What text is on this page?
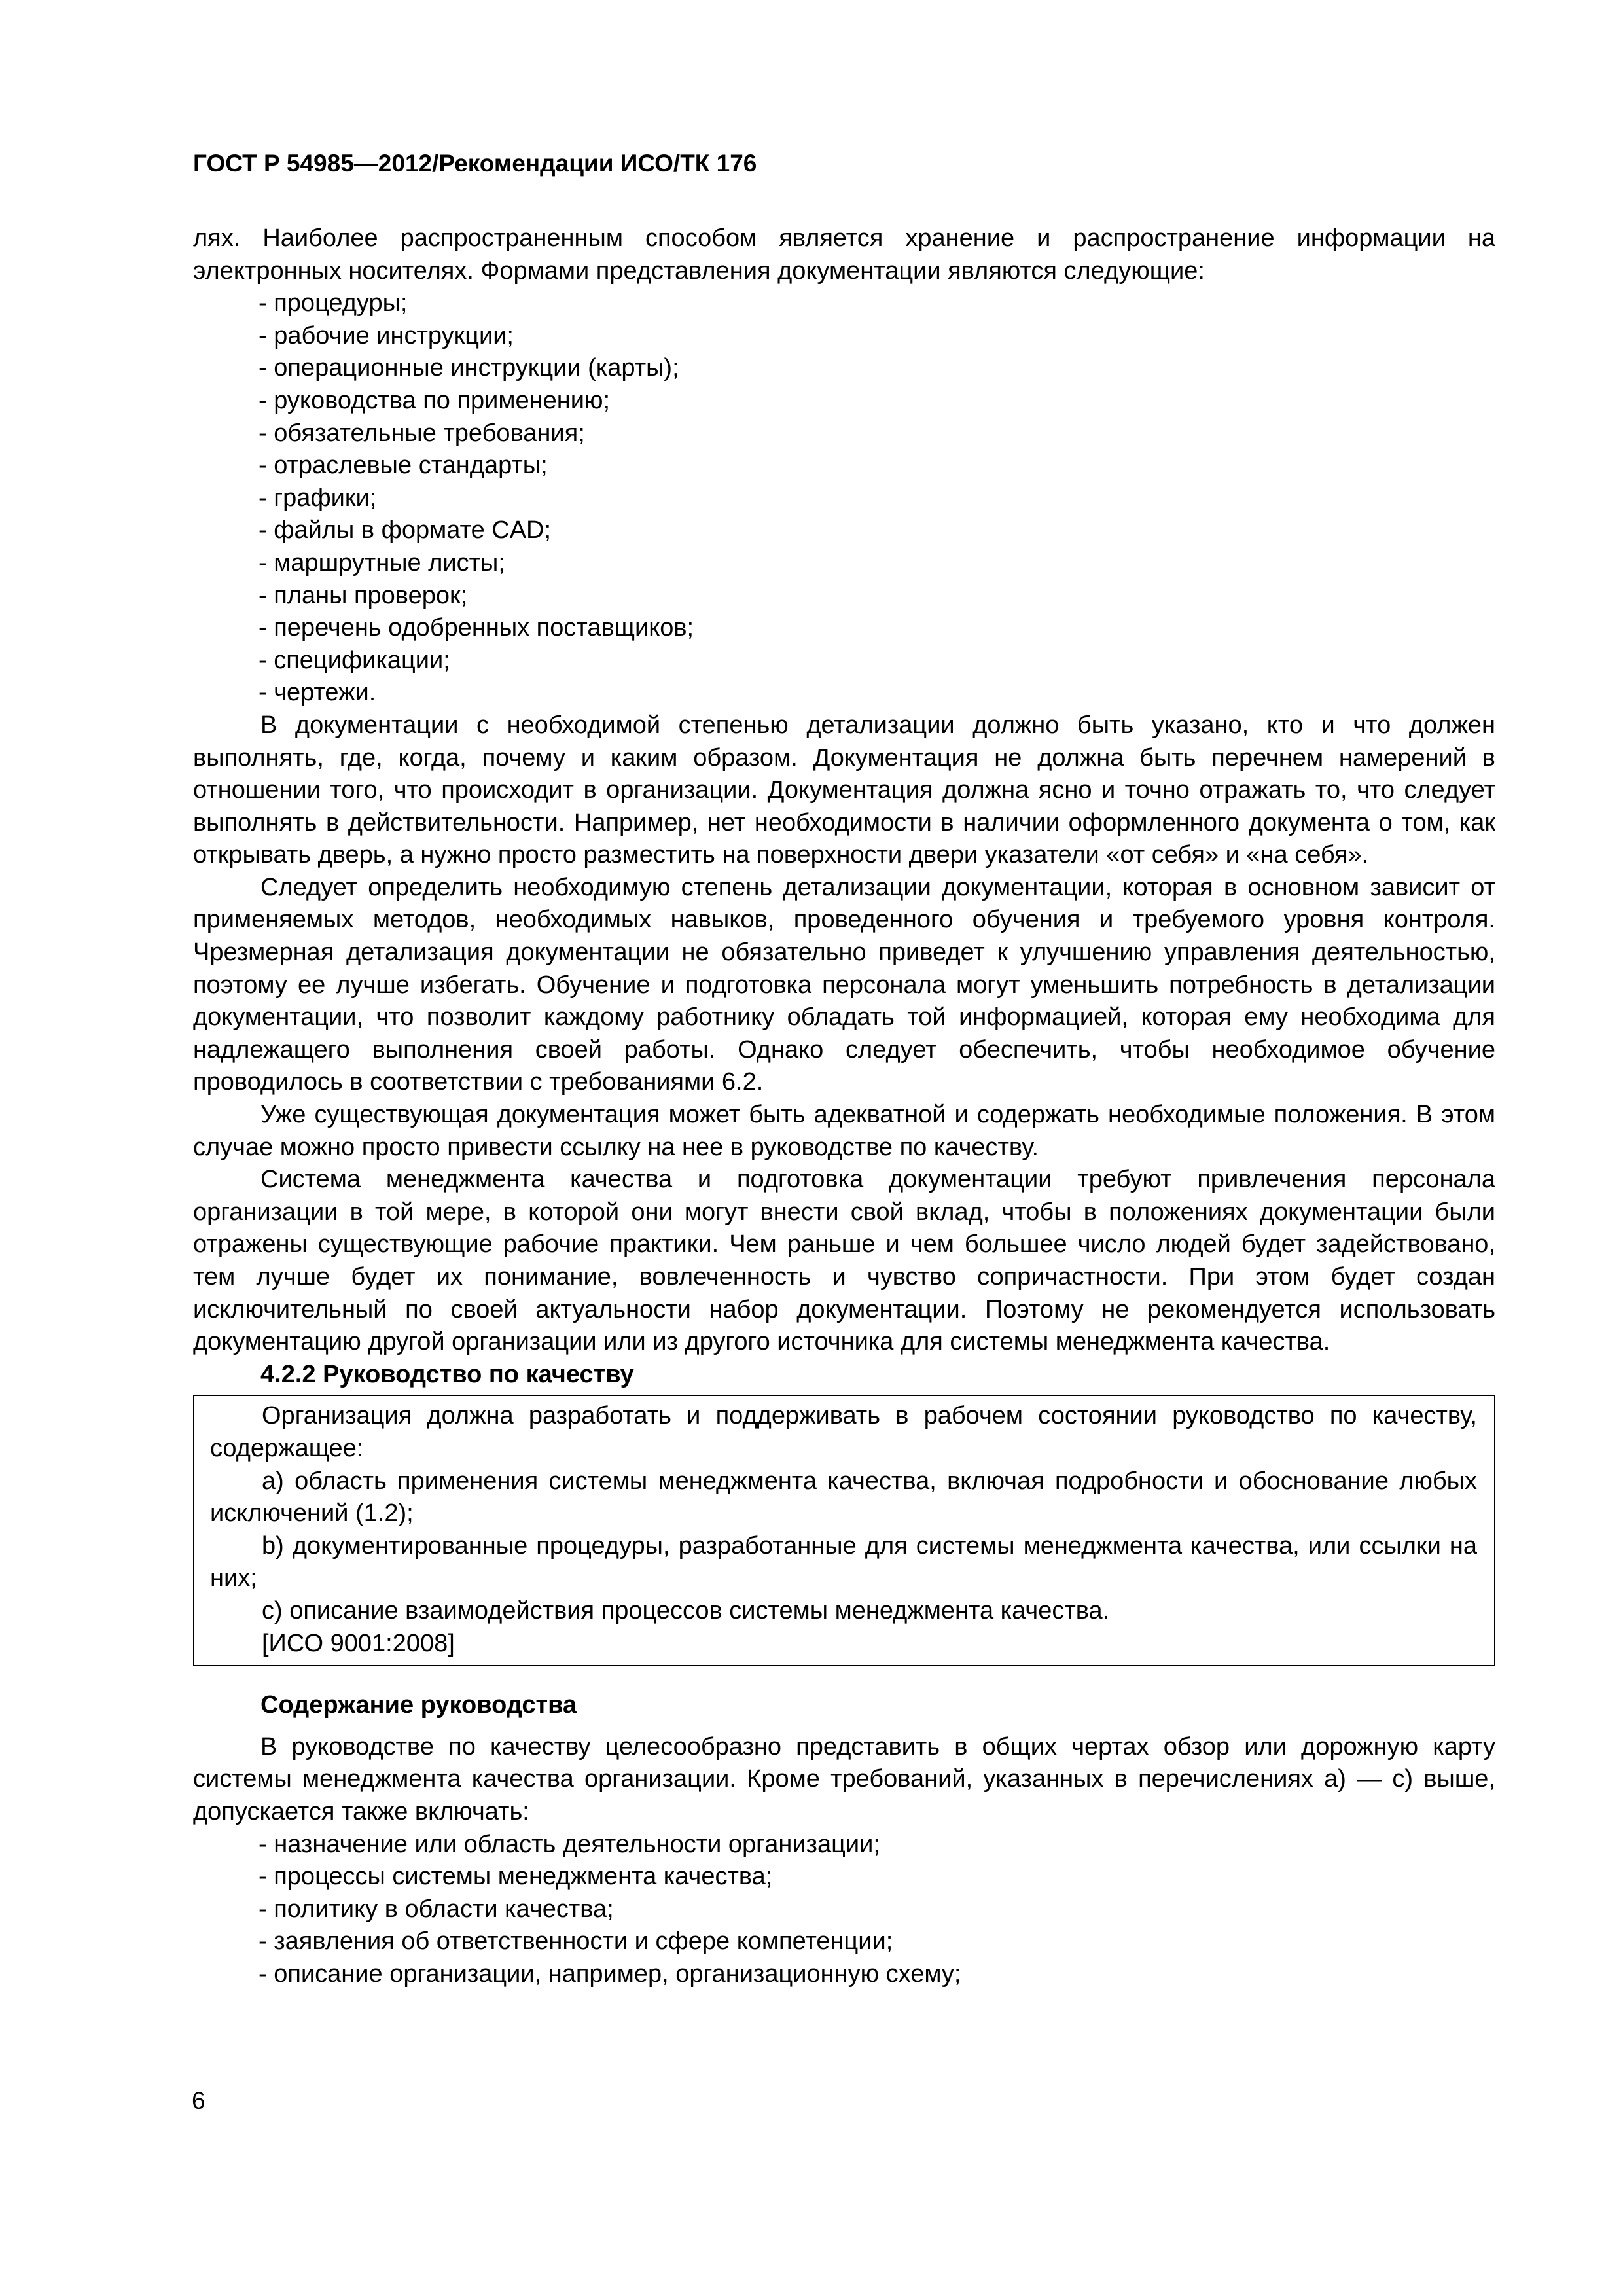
ГОСТ Р 54985—2012/Рекомендации ИСО/ТК 176

лях. Наиболее распространенным способом является хранение и распространение информации на электронных носителях. Формами представления документации являются следующие:

- процедуры;
- рабочие инструкции;
- операционные инструкции (карты);
- руководства по применению;
- обязательные требования;
- отраслевые стандарты;
- графики;
- файлы в формате CAD;
- маршрутные листы;
- планы проверок;
- перечень одобренных поставщиков;
- спецификации;
- чертежи.

В документации с необходимой степенью детализации должно быть указано, кто и что должен выполнять, где, когда, почему и каким образом. Документация не должна быть перечнем намерений в отношении того, что происходит в организации. Документация должна ясно и точно отражать то, что следует выполнять в действительности. Например, нет необходимости в наличии оформленного документа о том, как открывать дверь, а нужно просто разместить на поверхности двери указатели «от себя» и «на себя».

Следует определить необходимую степень детализации документации, которая в основном зависит от применяемых методов, необходимых навыков, проведенного обучения и требуемого уровня контроля. Чрезмерная детализация документации не обязательно приведет к улучшению управления деятельностью, поэтому ее лучше избегать. Обучение и подготовка персонала могут уменьшить потребность в детализации документации, что позволит каждому работнику обладать той информацией, которая ему необходима для надлежащего выполнения своей работы. Однако следует обеспечить, чтобы необходимое обучение проводилось в соответствии с требованиями 6.2.

Уже существующая документация может быть адекватной и содержать необходимые положения. В этом случае можно просто привести ссылку на нее в руководстве по качеству.

Система менеджмента качества и подготовка документации требуют привлечения персонала организации в той мере, в которой они могут внести свой вклад, чтобы в положениях документации были отражены существующие рабочие практики. Чем раньше и чем большее число людей будет задействовано, тем лучше будет их понимание, вовлеченность и чувство сопричастности. При этом будет создан исключительный по своей актуальности набор документации. Поэтому не рекомендуется использовать документацию другой организации или из другого источника для системы менеджмента качества.

4.2.2 Руководство по качеству

Организация должна разработать и поддерживать в рабочем состоянии руководство по качеству, содержащее:

a) область применения системы менеджмента качества, включая подробности и обоснование любых исключений (1.2);

b) документированные процедуры, разработанные для системы менеджмента качества, или ссылки на них;

c) описание взаимодействия процессов системы менеджмента качества.

[ИСО 9001:2008]

Содержание руководства

В руководстве по качеству целесообразно представить в общих чертах обзор или дорожную карту системы менеджмента качества организации. Кроме требований, указанных в перечислениях а) — c) выше, допускается также включать:

- назначение или область деятельности организации;
- процессы системы менеджмента качества;
- политику в области качества;
- заявления об ответственности и сфере компетенции;
- описание организации, например, организационную схему;
6
